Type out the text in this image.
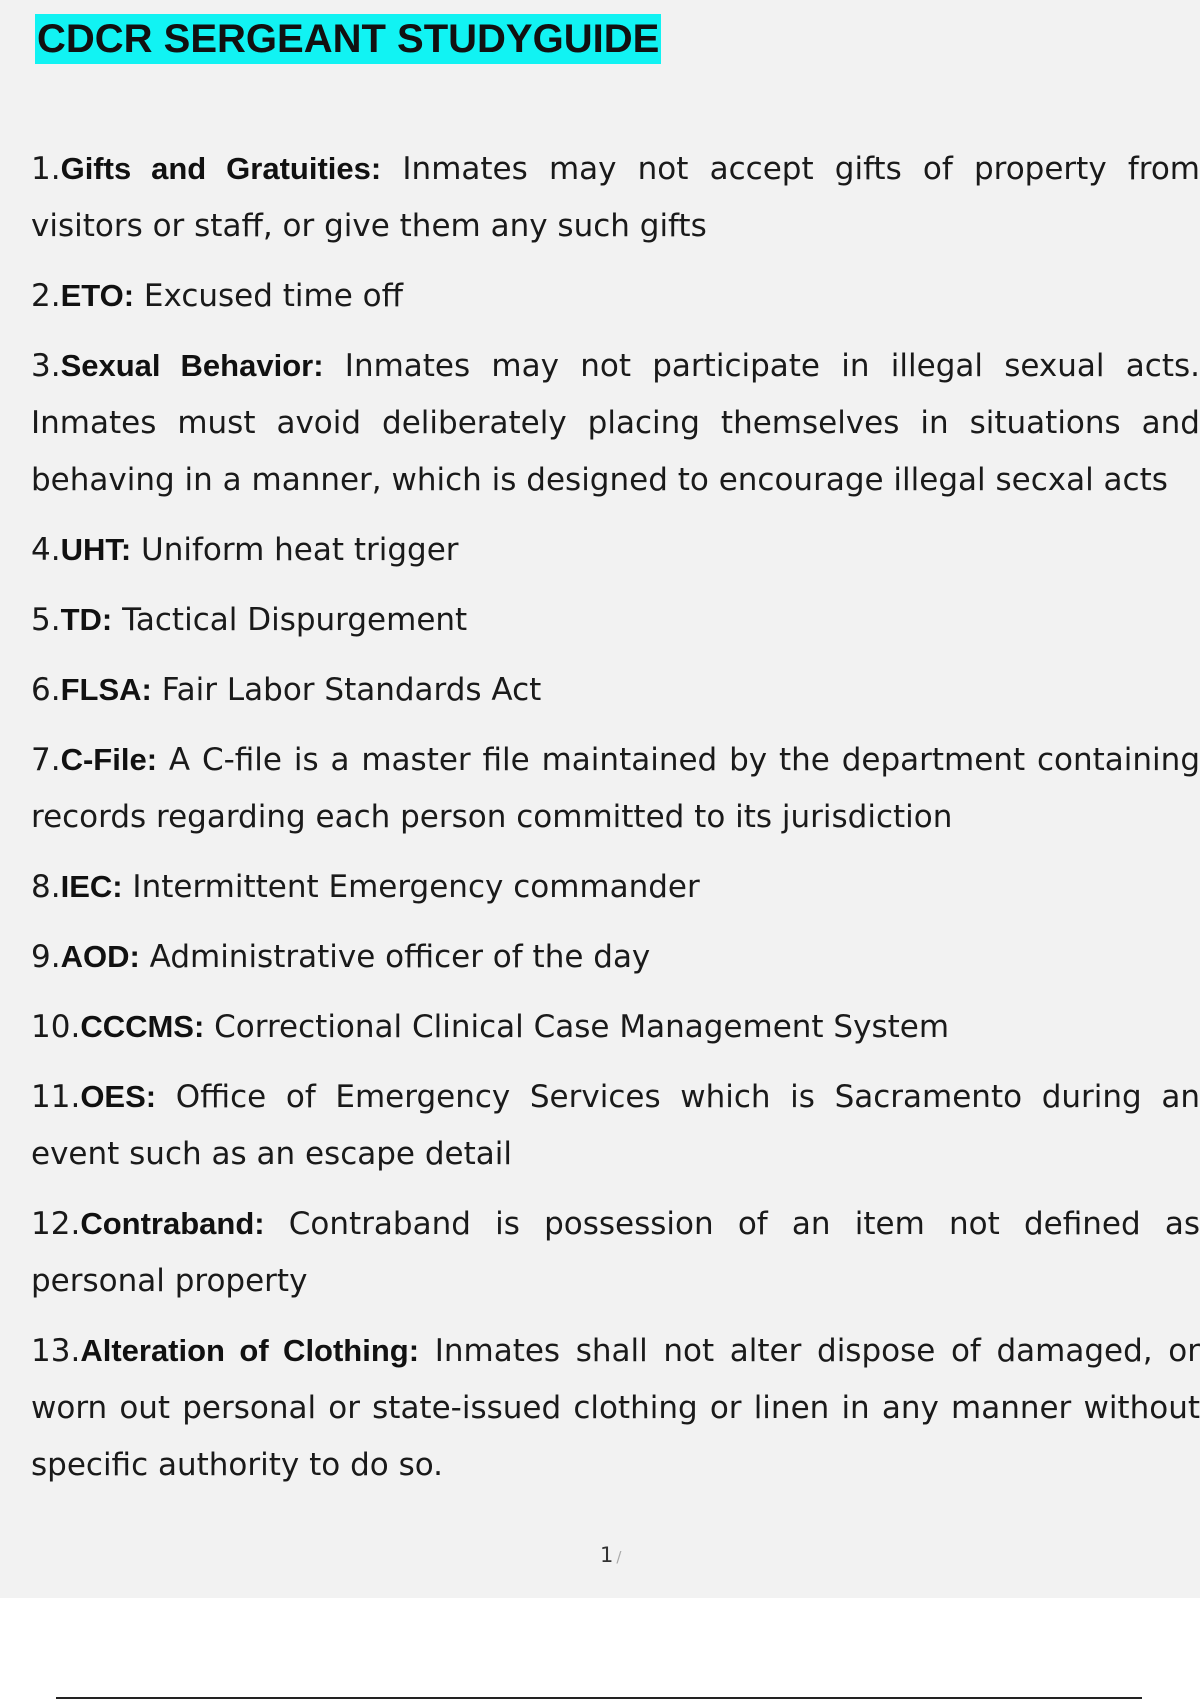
CDCR SERGEANT STUDYGUIDE
1.Gifts and Gratuities: Inmates may not accept gifts of property from visitors or staff, or give them any such gifts
2.ETO: Excused time off
3.Sexual Behavior: Inmates may not participate in illegal sexual acts. Inmates must avoid deliberately placing themselves in situations and behaving in a manner, which is designed to encourage illegal secxal acts
4.UHT: Uniform heat trigger
5.TD: Tactical Dispurgement
6.FLSA: Fair Labor Standards Act
7.C-File: A C-file is a master file maintained by the department containing records regarding each person committed to its jurisdiction
8.IEC: Intermittent Emergency commander
9.AOD: Administrative officer of the day
10.CCCMS: Correctional Clinical Case Management System
11.OES: Office of Emergency Services which is Sacramento during an event such as an escape detail
12.Contraband: Contraband is possession of an item not defined as personal property
13.Alteration of Clothing: Inmates shall not alter dispose of damaged, or worn out personal or state-issued clothing or linen in any manner without specific authority to do so.
1 /
